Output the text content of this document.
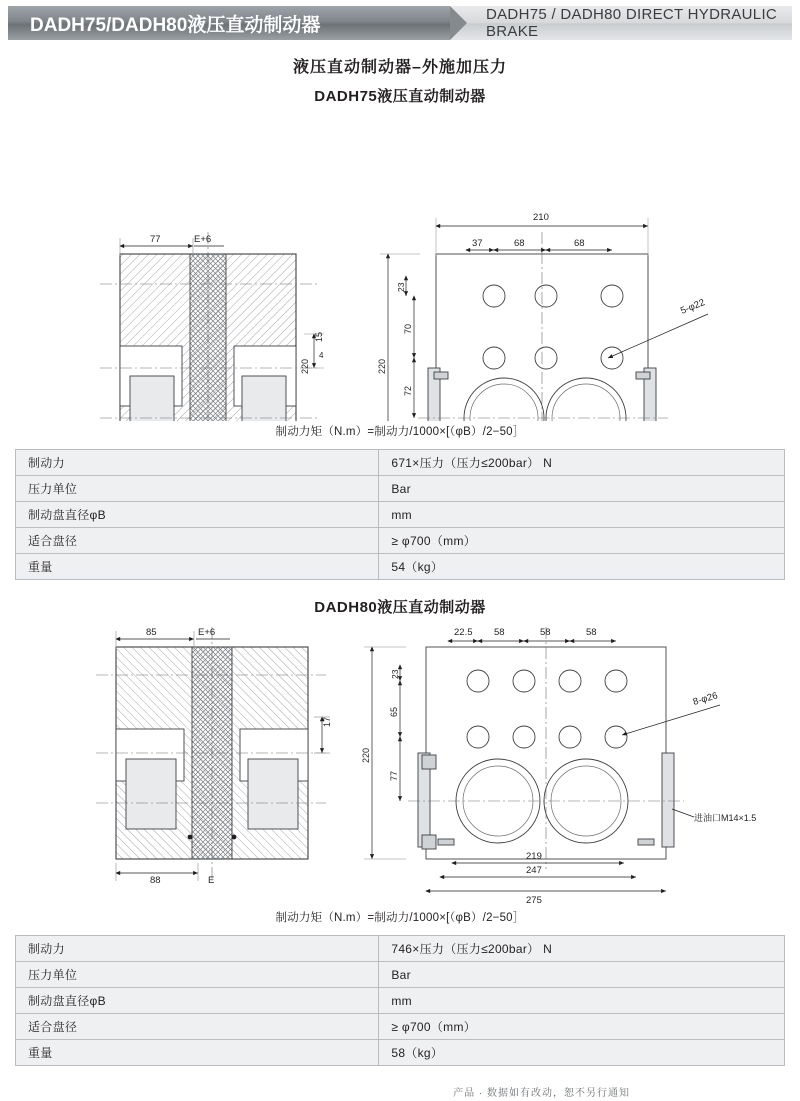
DADH75/DADH80液压直动制动器	DADH75 / DADH80 DIRECT HYDRAULIC BRAKE
液压直动制动器–外施加压力
DADH75液压直动制动器
77	E+6
15
4
220
210
37	68	68
23
70
72
220
5-φ22
制动力矩（N.m）=制动力/1000×[（φB）/2−50］
制动力	671×压力（压力≤200bar） N
压力单位	Bar
制动盘直径φB	mm
适合盘径	≥ φ700（mm）
重量	54（kg）
DADH80液压直动制动器
85	E+6
17
88	E
22.5 58	58	58
23
65
77
220
219
247
275
8-φ26
进油口M14×1.5
制动力矩（N.m）=制动力/1000×[（φB）/2−50］
制动力	746×压力（压力≤200bar） N
压力单位	Bar
制动盘直径φB	mm
适合盘径	≥ φ700（mm）
重量	58（kg）
产品 · 数据如有改动，恕不另行通知
